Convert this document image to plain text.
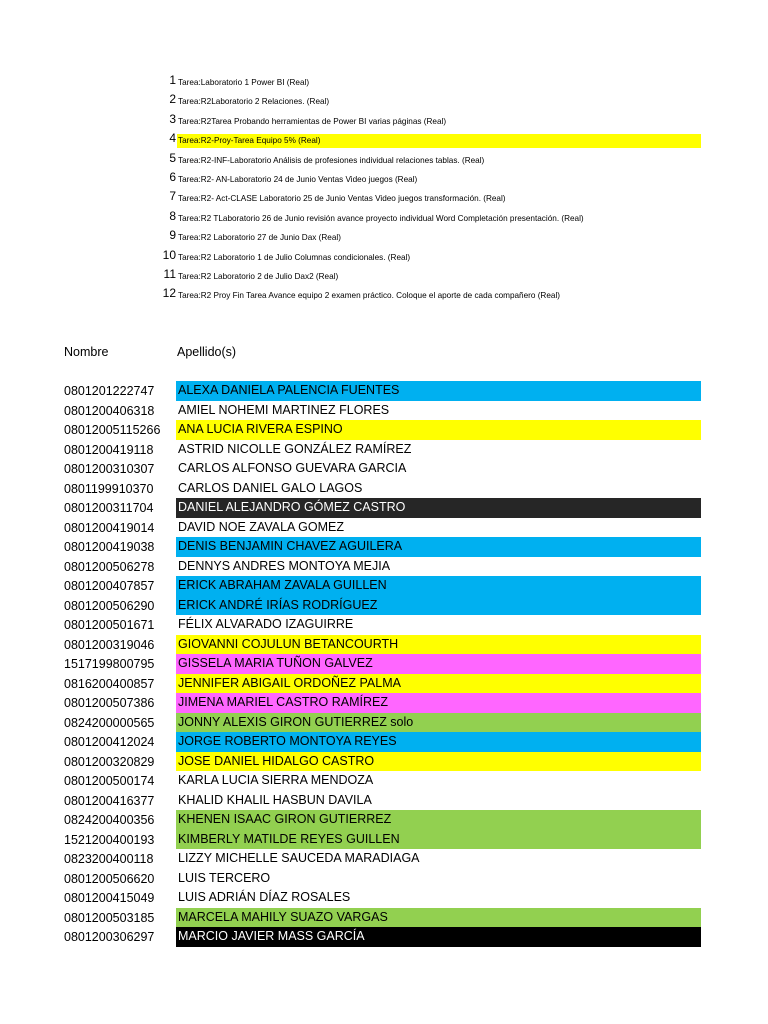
1 Tarea:Laboratorio 1 Power BI (Real)
2 Tarea:R2Laboratorio 2 Relaciones. (Real)
3 Tarea:R2Tarea Probando herramientas de Power BI varias páginas (Real)
4 Tarea:R2-Proy-Tarea Equipo 5% (Real)
5 Tarea:R2-INF-Laboratorio Análisis de profesiones individual relaciones tablas. (Real)
6 Tarea:R2- AN-Laboratorio 24 de Junio Ventas Video juegos (Real)
7 Tarea:R2- Act-CLASE Laboratorio 25 de Junio Ventas Video juegos transformación. (Real)
8 Tarea:R2 TLaboratorio 26 de Junio revisión avance proyecto individual Word Completación presentación. (Real)
9 Tarea:R2 Laboratorio 27 de Junio Dax (Real)
10 Tarea:R2 Laboratorio 1 de Julio Columnas condicionales. (Real)
11 Tarea:R2 Laboratorio 2 de Julio Dax2 (Real)
12 Tarea:R2 Proy Fin Tarea Avance equipo 2 examen práctico. Coloque el aporte de cada compañero (Real)
Nombre	Apellido(s)
0801201222747 ALEXA DANIELA PALENCIA FUENTES
0801200406318 AMIEL NOHEMI MARTINEZ FLORES
08012005115266 ANA LUCIA RIVERA ESPINO
0801200419118 ASTRID NICOLLE GONZÁLEZ RAMÍREZ
0801200310307 CARLOS ALFONSO GUEVARA GARCIA
0801199910370 CARLOS DANIEL GALO LAGOS
0801200311704 DANIEL ALEJANDRO GÓMEZ CASTRO
0801200419014 DAVID NOE ZAVALA GOMEZ
0801200419038 DENIS BENJAMIN CHAVEZ AGUILERA
0801200506278 DENNYS ANDRES MONTOYA MEJIA
0801200407857 ERICK ABRAHAM ZAVALA GUILLEN
0801200506290 ERICK ANDRÉ IRÍAS RODRÍGUEZ
0801200501671 FÉLIX ALVARADO IZAGUIRRE
0801200319046 GIOVANNI COJULUN BETANCOURTH
1517199800795 GISSELA MARIA TUÑON GALVEZ
0816200400857 JENNIFER ABIGAIL ORDOÑEZ PALMA
0801200507386 JIMENA MARIEL CASTRO RAMÍREZ
0824200000565 JONNY ALEXIS GIRON GUTIERREZ solo
0801200412024 JORGE ROBERTO MONTOYA REYES
0801200320829 JOSE DANIEL HIDALGO CASTRO
0801200500174 KARLA LUCIA SIERRA MENDOZA
0801200416377 KHALID KHALIL HASBUN DAVILA
0824200400356 KHENEN ISAAC GIRON GUTIERREZ
1521200400193 KIMBERLY MATILDE REYES GUILLEN
0823200400118 LIZZY MICHELLE SAUCEDA MARADIAGA
0801200506620 LUIS TERCERO
0801200415049 LUIS ADRIÁN DÍAZ ROSALES
0801200503185 MARCELA MAHILY SUAZO VARGAS
0801200306297 MARCIO JAVIER MASS GARCÍA
